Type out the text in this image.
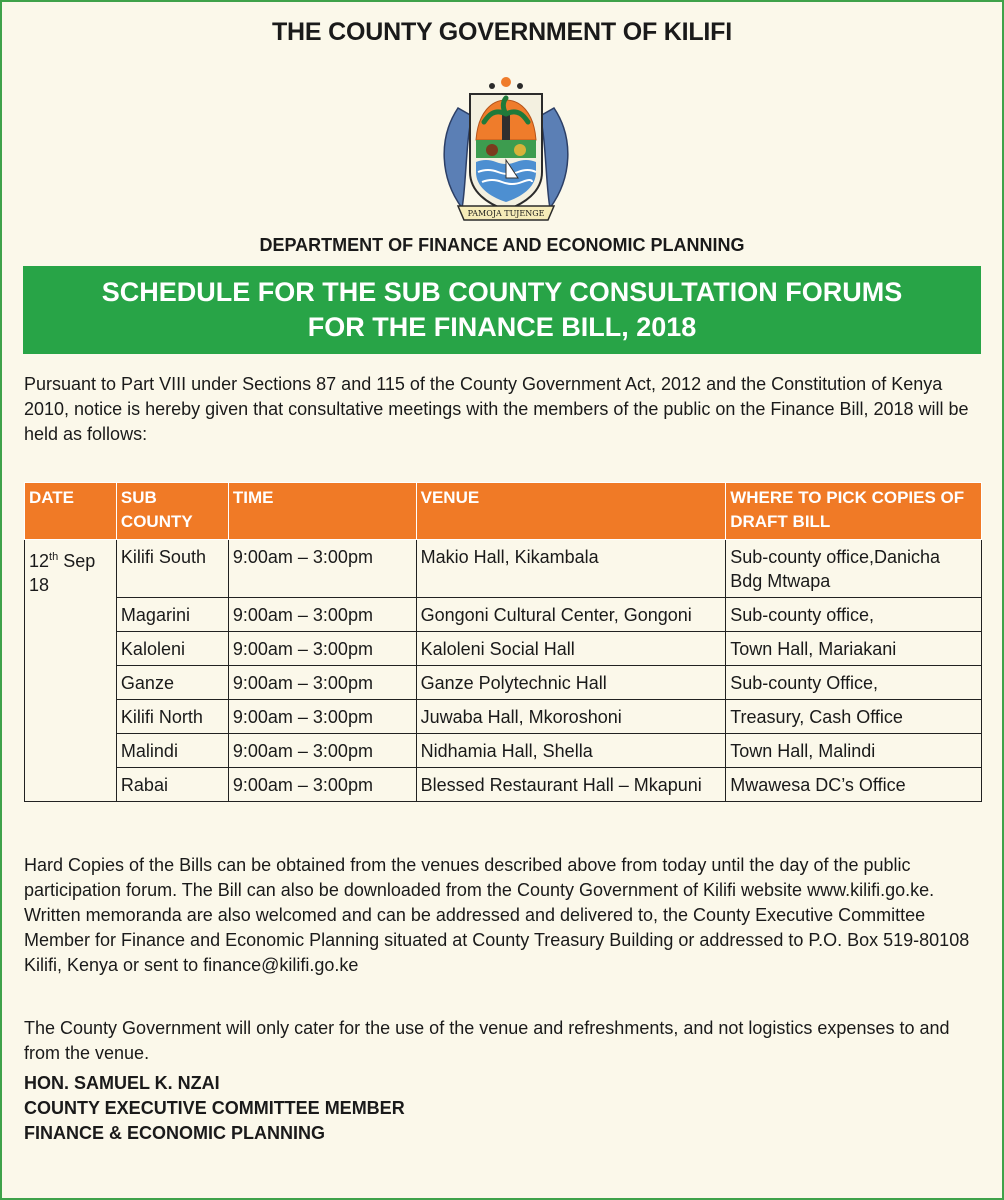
THE COUNTY GOVERNMENT OF KILIFI
PAMOJA TUJENGE
DEPARTMENT OF FINANCE AND ECONOMIC PLANNING
SCHEDULE FOR THE SUB COUNTY CONSULTATION FORUMS
FOR THE FINANCE BILL, 2018

Pursuant to Part VIII under Sections 87 and 115 of the County Government Act, 2012 and the Constitution of Kenya 2010, notice is hereby given that consultative meetings with the members of the public on the Finance Bill, 2018 will be held as follows:

DATE	SUB COUNTY	TIME	VENUE	WHERE TO PICK COPIES OF DRAFT BILL
12th Sep 18	Kilifi South	9:00am – 3:00pm	Makio Hall, Kikambala	Sub-county office,Danicha Bdg Mtwapa
	Magarini	9:00am – 3:00pm	Gongoni Cultural Center, Gongoni	Sub-county office,
	Kaloleni	9:00am – 3:00pm	Kaloleni Social Hall	Town Hall, Mariakani
	Ganze	9:00am – 3:00pm	Ganze Polytechnic Hall	Sub-county Office,
	Kilifi North	9:00am – 3:00pm	Juwaba Hall, Mkoroshoni	Treasury, Cash Office
	Malindi	9:00am – 3:00pm	Nidhamia Hall, Shella	Town Hall, Malindi
	Rabai	9:00am – 3:00pm	Blessed Restaurant Hall – Mkapuni	Mwawesa DC’s Office

Hard Copies of the Bills can be obtained from the venues described above from today until the day of the public participation forum. The Bill can also be downloaded from the County Government of Kilifi website www.kilifi.go.ke. Written memoranda are also welcomed and can be addressed and delivered to, the County Executive Committee Member for Finance and Economic Planning situated at County Treasury Building or addressed to P.O. Box 519-80108 Kilifi, Kenya or sent to finance@kilifi.go.ke

The County Government will only cater for the use of the venue and refreshments, and not logistics expenses to and from the venue.

HON. SAMUEL K. NZAI
COUNTY EXECUTIVE COMMITTEE MEMBER
FINANCE & ECONOMIC PLANNING
